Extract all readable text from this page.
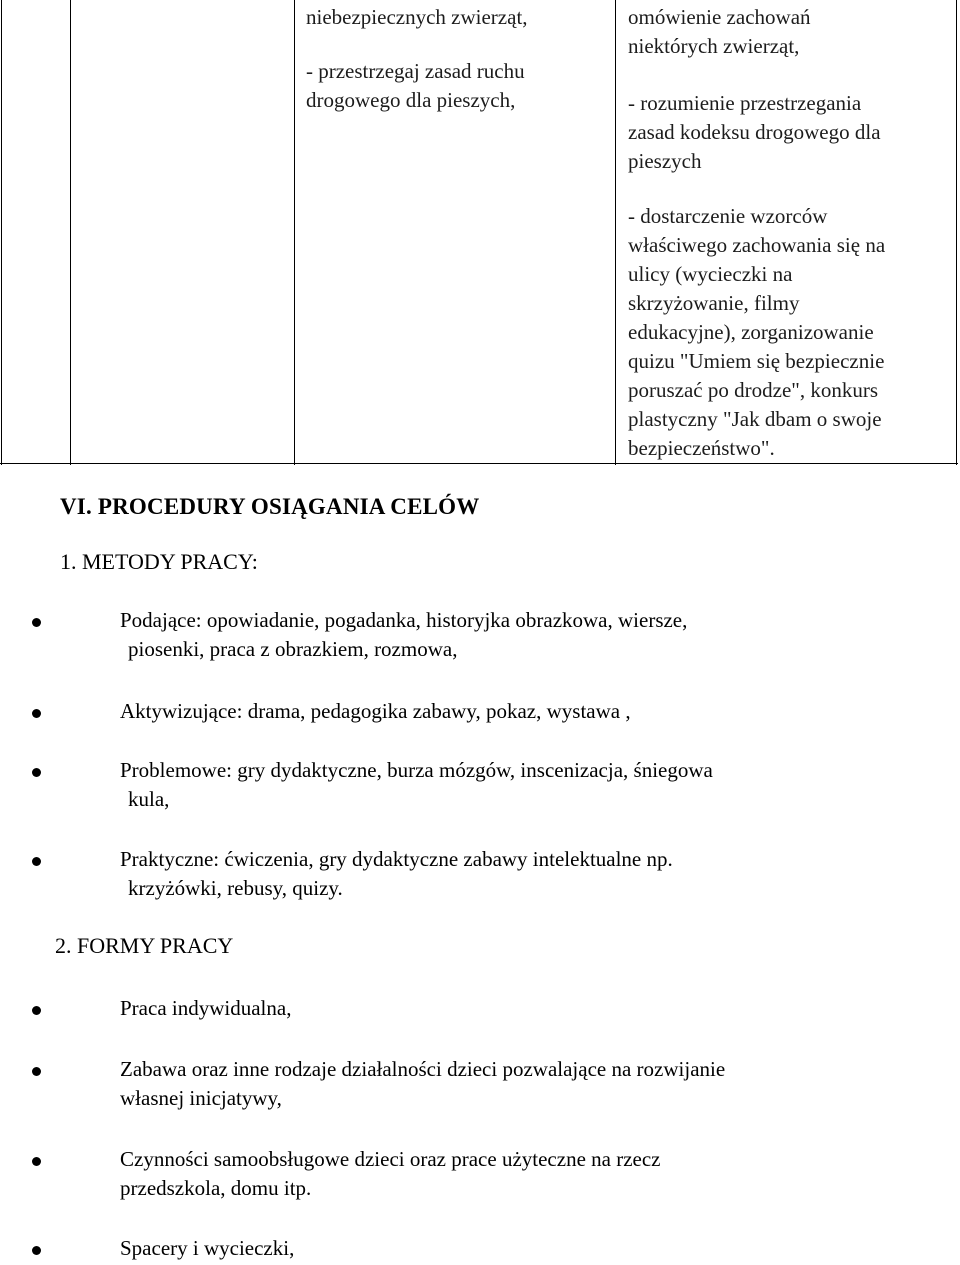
niebezpiecznych zwierząt,

- przestrzegaj zasad ruchu

drogowego dla pieszych,

omówienie zachowań

niektórych zwierząt,

- rozumienie przestrzegania

zasad kodeksu drogowego dla

pieszych

- dostarczenie wzorców

właściwego zachowania się na

ulicy (wycieczki na

skrzyżowanie, filmy

edukacyjne), zorganizowanie

quizu "Umiem się bezpiecznie

poruszać po drodze", konkurs

plastyczny "Jak dbam o swoje

bezpieczeństwo".

VI. PROCEDURY OSIĄGANIA CELÓW
1. METODY PRACY:
Podające: opowiadanie, pogadanka, historyjka obrazkowa, wiersze,
piosenki, praca z obrazkiem, rozmowa,
Aktywizujące: drama, pedagogika zabawy, pokaz, wystawa ,
Problemowe: gry dydaktyczne, burza mózgów, inscenizacja, śniegowa
kula,
Praktyczne: ćwiczenia, gry dydaktyczne zabawy intelektualne np.
krzyżówki, rebusy, quizy.
2. FORMY PRACY
Praca indywidualna,
Zabawa oraz inne rodzaje działalności dzieci pozwalające na rozwijanie
własnej inicjatywy,
Czynności samoobsługowe dzieci oraz prace użyteczne na rzecz
przedszkola, domu itp.
Spacery i wycieczki,
